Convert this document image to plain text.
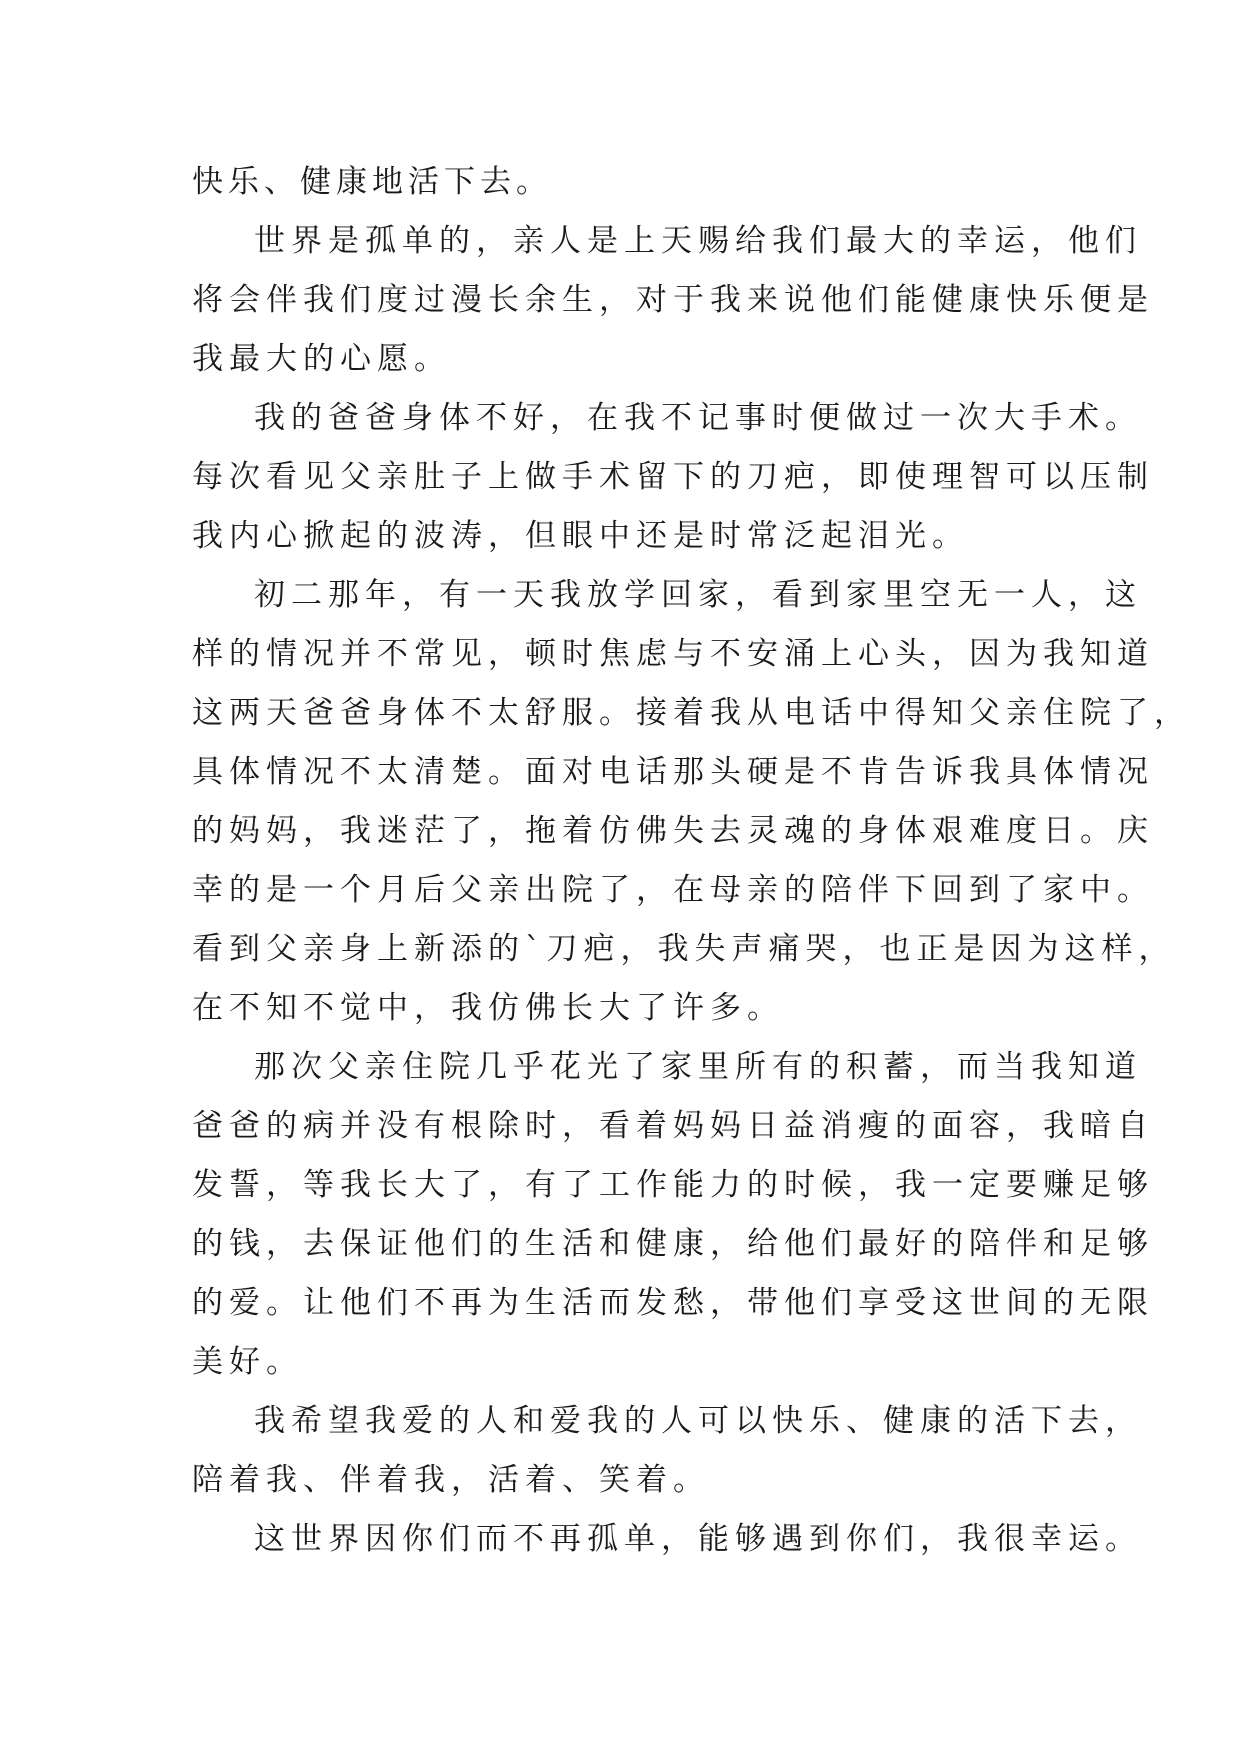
快乐、健康地活下去。
世界是孤单的，亲人是上天赐给我们最大的幸运，他们
将会伴我们度过漫长余生，对于我来说他们能健康快乐便是
我最大的心愿。
我的爸爸身体不好，在我不记事时便做过一次大手术。
每次看见父亲肚子上做手术留下的刀疤，即使理智可以压制
我内心掀起的波涛，但眼中还是时常泛起泪光。
初二那年，有一天我放学回家，看到家里空无一人，这
样的情况并不常见，顿时焦虑与不安涌上心头，因为我知道
这两天爸爸身体不太舒服。接着我从电话中得知父亲住院了，
具体情况不太清楚。面对电话那头硬是不肯告诉我具体情况
的妈妈，我迷茫了，拖着仿佛失去灵魂的身体艰难度日。庆
幸的是一个月后父亲出院了，在母亲的陪伴下回到了家中。
看到父亲身上新添的`刀疤，我失声痛哭，也正是因为这样，
在不知不觉中，我仿佛长大了许多。
那次父亲住院几乎花光了家里所有的积蓄，而当我知道
爸爸的病并没有根除时，看着妈妈日益消瘦的面容，我暗自
发誓，等我长大了，有了工作能力的时候，我一定要赚足够
的钱，去保证他们的生活和健康，给他们最好的陪伴和足够
的爱。让他们不再为生活而发愁，带他们享受这世间的无限
美好。
我希望我爱的人和爱我的人可以快乐、健康的活下去，
陪着我、伴着我，活着、笑着。
这世界因你们而不再孤单，能够遇到你们，我很幸运。
